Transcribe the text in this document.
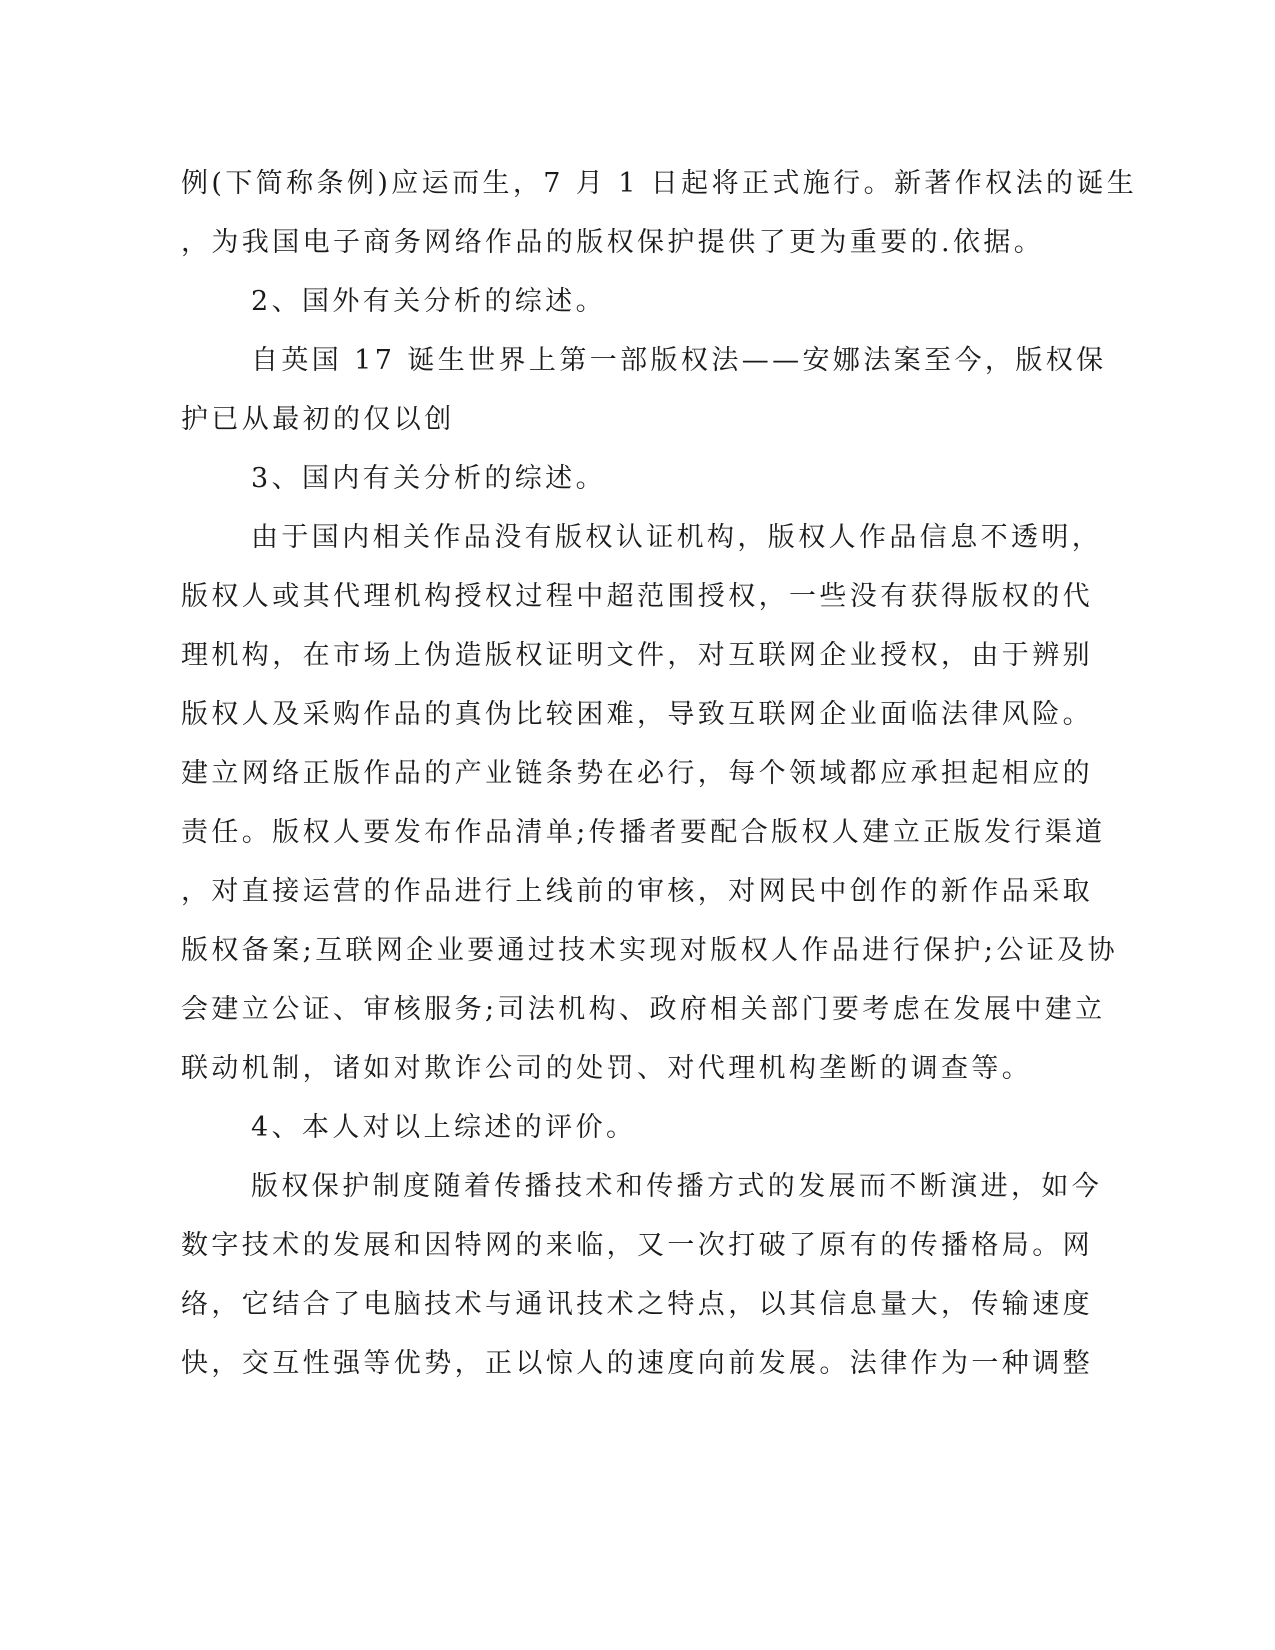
例(下简称条例)应运而生，7 月 1 日起将正式施行。新著作权法的诞生
，为我国电子商务网络作品的版权保护提供了更为重要的.依据。
2、国外有关分析的综述。
自英国 17 诞生世界上第一部版权法——安娜法案至今，版权保
护已从最初的仅以创
3、国内有关分析的综述。
由于国内相关作品没有版权认证机构，版权人作品信息不透明，
版权人或其代理机构授权过程中超范围授权，一些没有获得版权的代
理机构，在市场上伪造版权证明文件，对互联网企业授权，由于辨别
版权人及采购作品的真伪比较困难，导致互联网企业面临法律风险。
建立网络正版作品的产业链条势在必行，每个领域都应承担起相应的
责任。版权人要发布作品清单;传播者要配合版权人建立正版发行渠道
，对直接运营的作品进行上线前的审核，对网民中创作的新作品采取
版权备案;互联网企业要通过技术实现对版权人作品进行保护;公证及协
会建立公证、审核服务;司法机构、政府相关部门要考虑在发展中建立
联动机制，诸如对欺诈公司的处罚、对代理机构垄断的调查等。
4、本人对以上综述的评价。
版权保护制度随着传播技术和传播方式的发展而不断演进，如今
数字技术的发展和因特网的来临，又一次打破了原有的传播格局。网
络，它结合了电脑技术与通讯技术之特点，以其信息量大，传输速度
快，交互性强等优势，正以惊人的速度向前发展。法律作为一种调整
